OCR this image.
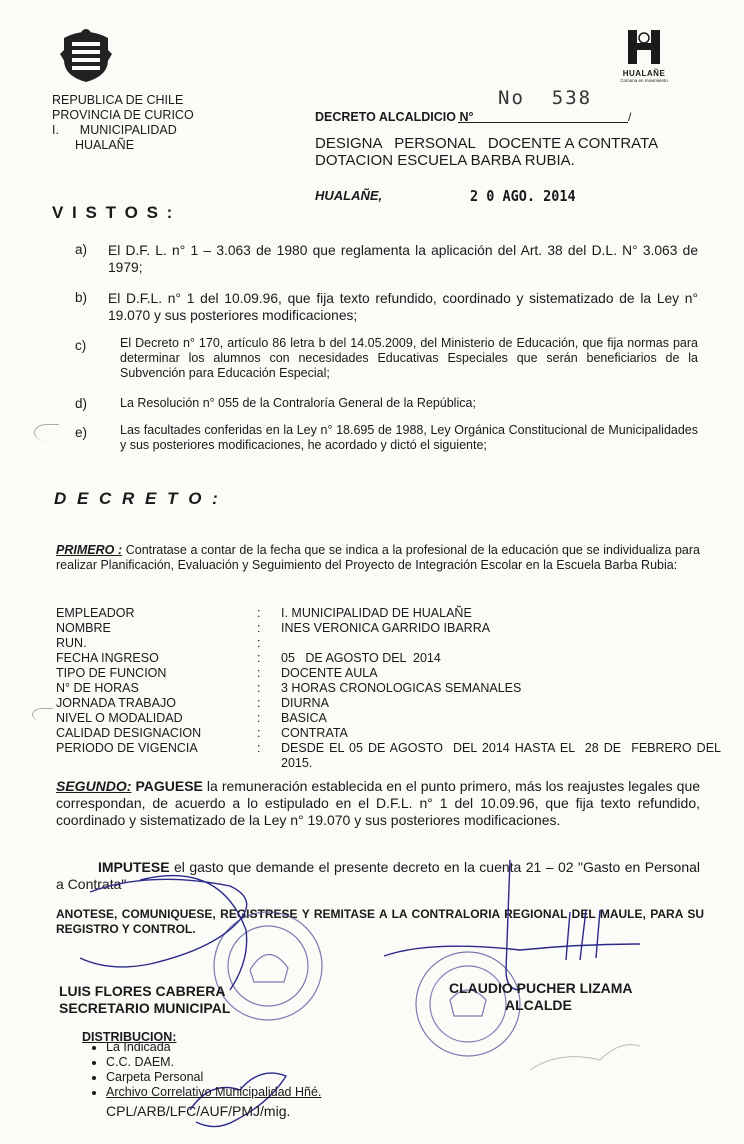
REPUBLICA DE CHILE
PROVINCIA DE CURICO
I.      MUNICIPALIDAD
HUALAÑE
HUALAÑE
Comuna en movimiento
DECRETO ALCALDICIO N°	/
No  538
DESIGNA   PERSONAL   DOCENTE A CONTRATA
DOTACION ESCUELA BARBA RUBIA.
HUALAÑE,	2 0 AGO. 2014
V I S T O S :
a) El D.F. L. n° 1 – 3.063 de 1980 que reglamenta la aplicación del Art. 38 del D.L. N° 3.063 de 1979;
b) El D.F.L. n° 1 del 10.09.96, que fija texto refundido, coordinado y sistematizado de la Ley n° 19.070 y sus posteriores modificaciones;
c)	El Decreto n° 170, artículo 86 letra b del 14.05.2009, del Ministerio de Educación, que fija normas para determinar los alumnos con necesidades Educativas Especiales que serán beneficiarios de la Subvención para Educación Especial;
d)	La Resolución n° 055 de la Contraloría General de la República;
e)	Las facultades conferidas en la Ley n° 18.695 de 1988, Ley Orgánica Constitucional de Municipalidades y sus posteriores modificaciones, he acordado y dictó el siguiente;
D E C R E T O :
PRIMERO : Contratase a contar de la fecha que se indica a la profesional de la educación que se individualiza para realizar Planificación, Evaluación y Seguimiento del Proyecto de Integración Escolar en la Escuela Barba Rubia:
EMPLEADOR	: I. MUNICIPALIDAD DE HUALAÑE
NOMBRE	: INES VERONICA GARRIDO IBARRA
RUN.	:
FECHA INGRESO	: 05   DE AGOSTO DEL  2014
TIPO DE FUNCION	: DOCENTE AULA
N° DE HORAS	: 3 HORAS CRONOLOGICAS SEMANALES
JORNADA TRABAJO	: DIURNA
NIVEL O MODALIDAD	: BASICA
CALIDAD DESIGNACION	: CONTRATA
PERIODO DE VIGENCIA	: DESDE EL 05 DE AGOSTO  DEL 2014 HASTA EL  28 DE  FEBRERO DEL 2015.
SEGUNDO: PAGUESE la remuneración establecida en el punto primero, más los reajustes legales que correspondan, de acuerdo a lo estipulado en el D.F.L. n° 1 del 10.09.96, que fija texto refundido, coordinado y sistematizado de la Ley n° 19.070 y sus posteriores modificaciones.
IMPUTESE el gasto que demande el presente decreto en la cuenta 21 – 02 "Gasto en Personal a Contrata"
ANOTESE, COMUNIQUESE, REGISTRESE Y REMITASE A LA CONTRALORIA REGIONAL DEL MAULE, PARA SU REGISTRO Y CONTROL.
LUIS FLORES CABRERA
SECRETARIO MUNICIPAL
CLAUDIO PUCHER LIZAMA
ALCALDE
DISTRIBUCION:
• La Indicada
• C.C. DAEM.
• Carpeta Personal
• Archivo Correlativo Municipalidad Hñé.
CPL/ARB/LFC/AUF/PMJ/mig.
